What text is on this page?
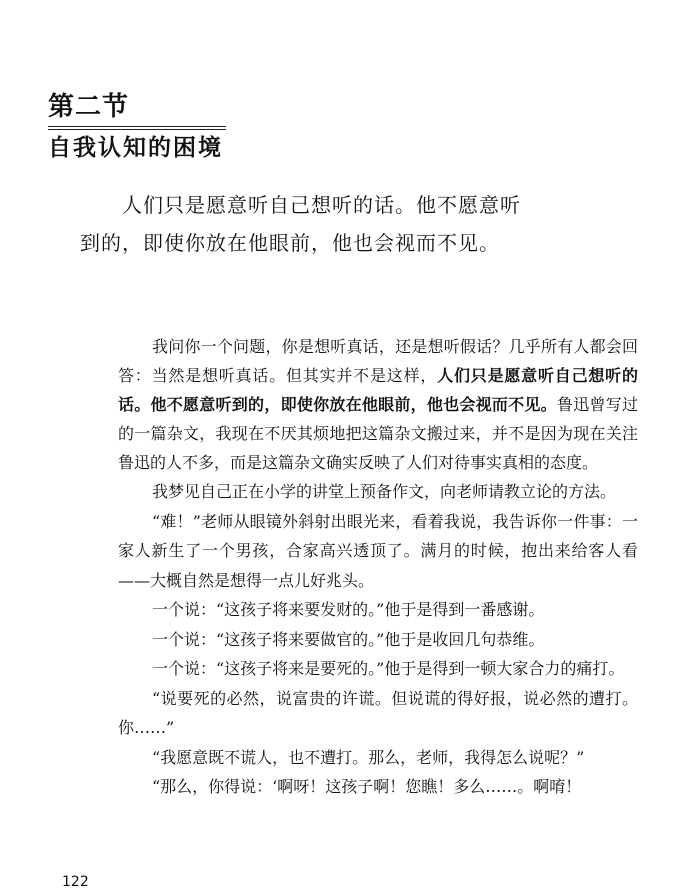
第二节
自我认知的困境

人们只是愿意听自己想听的话。他不愿意听

到的，即使你放在他眼前，他也会视而不见。

我问你一个问题，你是想听真话，还是想听假话？几乎所有人都会回答：当然是想听真话。但其实并不是这样，人们只是愿意听自己想听的话。他不愿意听到的，即使你放在他眼前，他也会视而不见。鲁迅曾写过的一篇杂文，我现在不厌其烦地把这篇杂文搬过来，并不是因为现在关注鲁迅的人不多，而是这篇杂文确实反映了人们对待事实真相的态度。

我梦见自己正在小学的讲堂上预备作文，向老师请教立论的方法。

“难！”老师从眼镜外斜射出眼光来，看着我说，我告诉你一件事：一家人新生了一个男孩，合家高兴透顶了。满月的时候，抱出来给客人看——大概自然是想得一点儿好兆头。

一个说：“这孩子将来要发财的。”他于是得到一番感谢。

一个说：“这孩子将来要做官的。”他于是收回几句恭维。

一个说：“这孩子将来是要死的。”他于是得到一顿大家合力的痛打。

“说要死的必然，说富贵的许谎。但说谎的得好报，说必然的遭打。你……”

“我愿意既不谎人，也不遭打。那么，老师，我得怎么说呢？”

“那么，你得说：‘啊呀！这孩子啊！您瞧！多么……。啊唷！

122
